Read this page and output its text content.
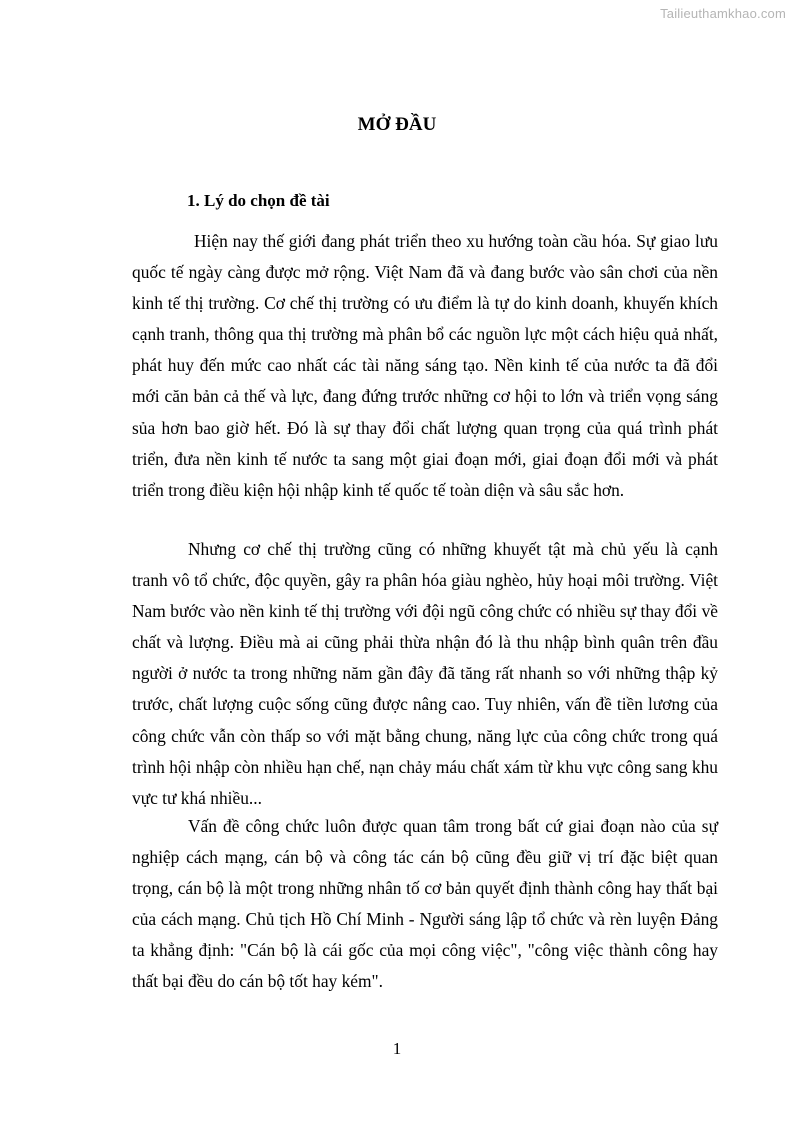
Tailieuthamkhao.com
MỞ ĐẦU
1. Lý do chọn đề tài

Hiện nay thế giới đang phát triển theo xu hướng toàn cầu hóa. Sự giao lưu quốc tế ngày càng được mở rộng. Việt Nam đã và đang bước vào sân chơi của nền kinh tế thị trường. Cơ chế thị trường có ưu điểm là tự do kinh doanh, khuyến khích cạnh tranh, thông qua thị trường mà phân bổ các nguồn lực một cách hiệu quả nhất, phát huy đến mức cao nhất các tài năng sáng tạo. Nền kinh tế của nước ta đã đổi mới căn bản cả thế và lực, đang đứng trước những cơ hội to lớn và triển vọng sáng sủa hơn bao giờ hết. Đó là sự thay đổi chất lượng quan trọng của quá trình phát triển, đưa nền kinh tế nước ta sang một giai đoạn mới, giai đoạn đổi mới và phát triển trong điều kiện hội nhập kinh tế quốc tế toàn diện và sâu sắc hơn.

Nhưng cơ chế thị trường cũng có những khuyết tật mà chủ yếu là cạnh tranh vô tổ chức, độc quyền, gây ra phân hóa giàu nghèo, hủy hoại môi trường. Việt Nam bước vào nền kinh tế thị trường với đội ngũ công chức có nhiều sự thay đổi về chất và lượng. Điều mà ai cũng phải thừa nhận đó là thu nhập bình quân trên đầu người ở nước ta trong những năm gần đây đã tăng rất nhanh so với những thập kỷ trước, chất lượng cuộc sống cũng được nâng cao. Tuy nhiên, vấn đề tiền lương của công chức vẫn còn thấp so với mặt bằng chung, năng lực của công chức trong quá trình hội nhập còn nhiều hạn chế, nạn chảy máu chất xám từ khu vực công sang khu vực tư khá nhiều...

Vấn đề công chức luôn được quan tâm trong bất cứ giai đoạn nào của sự nghiệp cách mạng, cán bộ và công tác cán bộ cũng đều giữ vị trí đặc biệt quan trọng, cán bộ là một trong những nhân tố cơ bản quyết định thành công hay thất bại của cách mạng. Chủ tịch Hồ Chí Minh - Người sáng lập tổ chức và rèn luyện Đảng ta khẳng định: "Cán bộ là cái gốc của mọi công việc", "công việc thành công hay thất bại đều do cán bộ tốt hay kém".

1
